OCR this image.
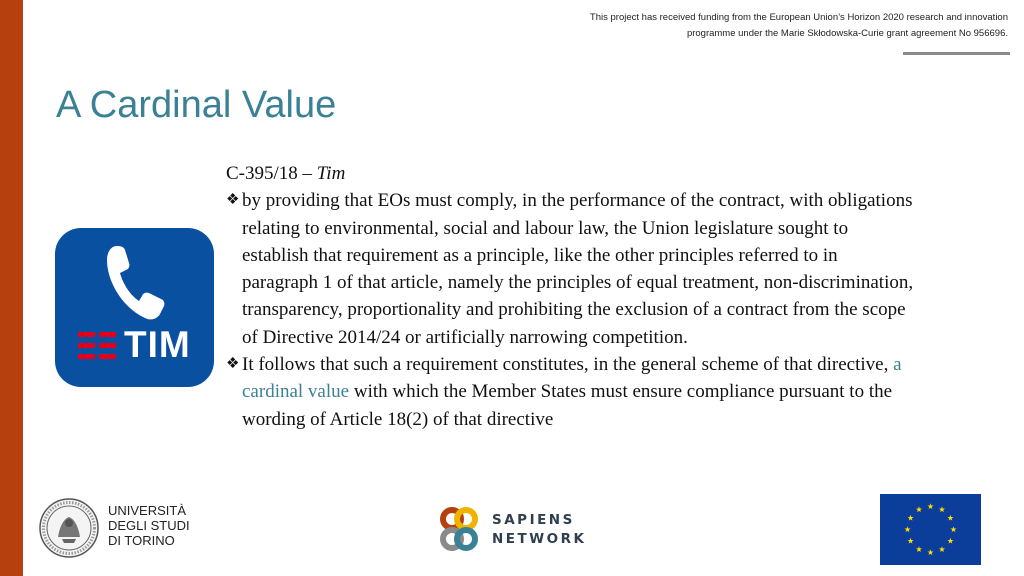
This project has received funding from the European Union’s Horizon 2020 research and innovation
programme under the Marie Skłodowska-Curie grant agreement No 956696.
A Cardinal Value
TIM

C-395/18 – Tim

❖ by providing that EOs must comply, in the performance of the contract, with obligations relating to environmental, social and labour law, the Union legislature sought to establish that requirement as a principle, like the other principles referred to in paragraph 1 of that article, namely the principles of equal treatment, non-discrimination, transparency, proportionality and prohibiting the exclusion of a contract from the scope of Directive 2014/24 or artificially narrowing competition.

❖ It follows that such a requirement constitutes, in the general scheme of that directive, a cardinal value with which the Member States must ensure compliance pursuant to the wording of Article 18(2) of that directive

UNIVERSITÀ
DEGLI STUDI
DI TORINO
SAPIENS
NETWORK
